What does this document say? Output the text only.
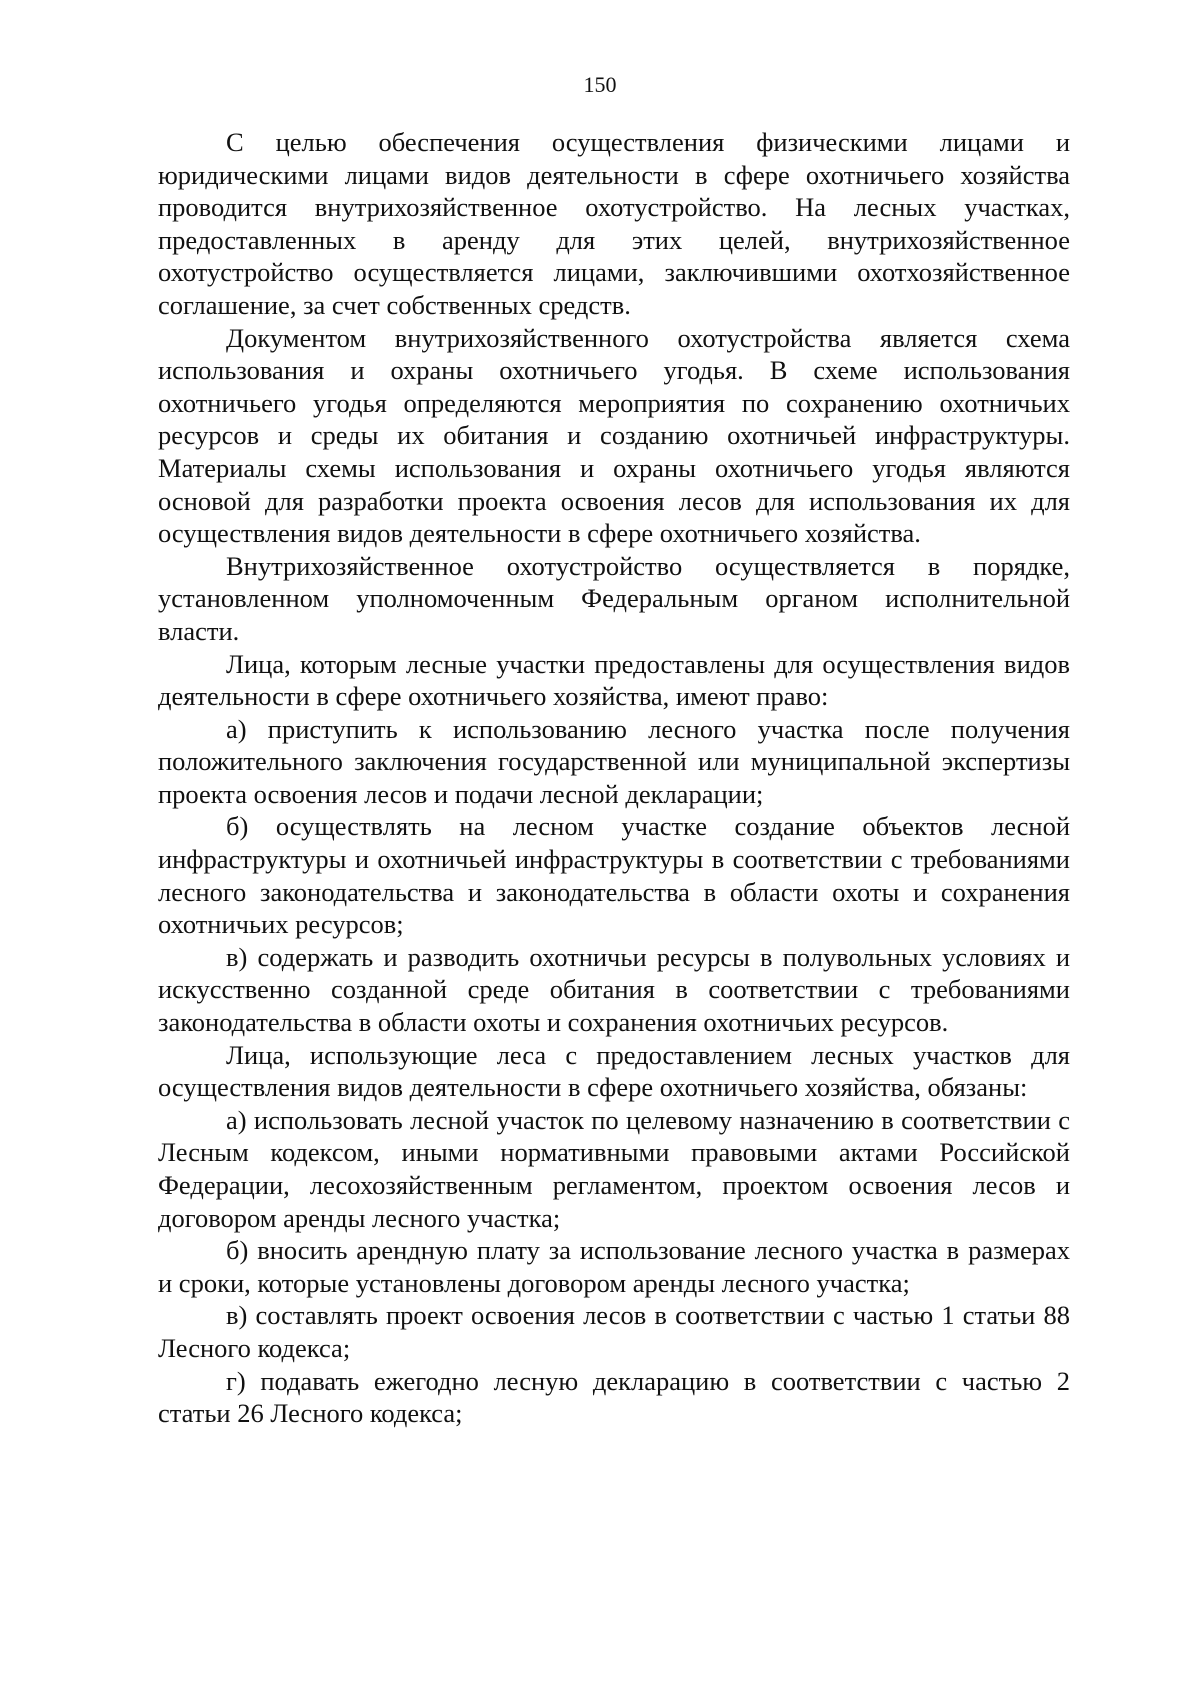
150

С целью обеспечения осуществления физическими лицами и юридическими лицами видов деятельности в сфере охотничьего хозяйства проводится внутрихозяйственное охотустройство. На лесных участках, предоставленных в аренду для этих целей, внутрихозяйственное охотустройство осуществляется лицами, заключившими охотхозяйственное соглашение, за счет собственных средств.

Документом внутрихозяйственного охотустройства является схема использования и охраны охотничьего угодья. В схеме использования охотничьего угодья определяются мероприятия по сохранению охотничьих ресурсов и среды их обитания и созданию охотничьей инфраструктуры. Материалы схемы использования и охраны охотничьего угодья являются основой для разработки проекта освоения лесов для использования их для осуществления видов деятельности в сфере охотничьего хозяйства.

Внутрихозяйственное охотустройство осуществляется в порядке, установленном уполномоченным Федеральным органом исполнительной власти.

Лица, которым лесные участки предоставлены для осуществления видов деятельности в сфере охотничьего хозяйства, имеют право:

а) приступить к использованию лесного участка после получения положительного заключения государственной или муниципальной экспертизы проекта освоения лесов и подачи лесной декларации;

б) осуществлять на лесном участке создание объектов лесной инфраструктуры и охотничьей инфраструктуры в соответствии с требованиями лесного законодательства и законодательства в области охоты и сохранения охотничьих ресурсов;

в) содержать и разводить охотничьи ресурсы в полувольных условиях и искусственно созданной среде обитания в соответствии с требованиями законодательства в области охоты и сохранения охотничьих ресурсов.

Лица, использующие леса с предоставлением лесных участков для осуществления видов деятельности в сфере охотничьего хозяйства, обязаны:

а) использовать лесной участок по целевому назначению в соответствии с Лесным кодексом, иными нормативными правовыми актами Российской Федерации, лесохозяйственным регламентом, проектом освоения лесов и договором аренды лесного участка;

б) вносить арендную плату за использование лесного участка в размерах и сроки, которые установлены договором аренды лесного участка;

в) составлять проект освоения лесов в соответствии с частью 1 статьи 88 Лесного кодекса;

г) подавать ежегодно лесную декларацию в соответствии с частью 2 статьи 26 Лесного кодекса;
